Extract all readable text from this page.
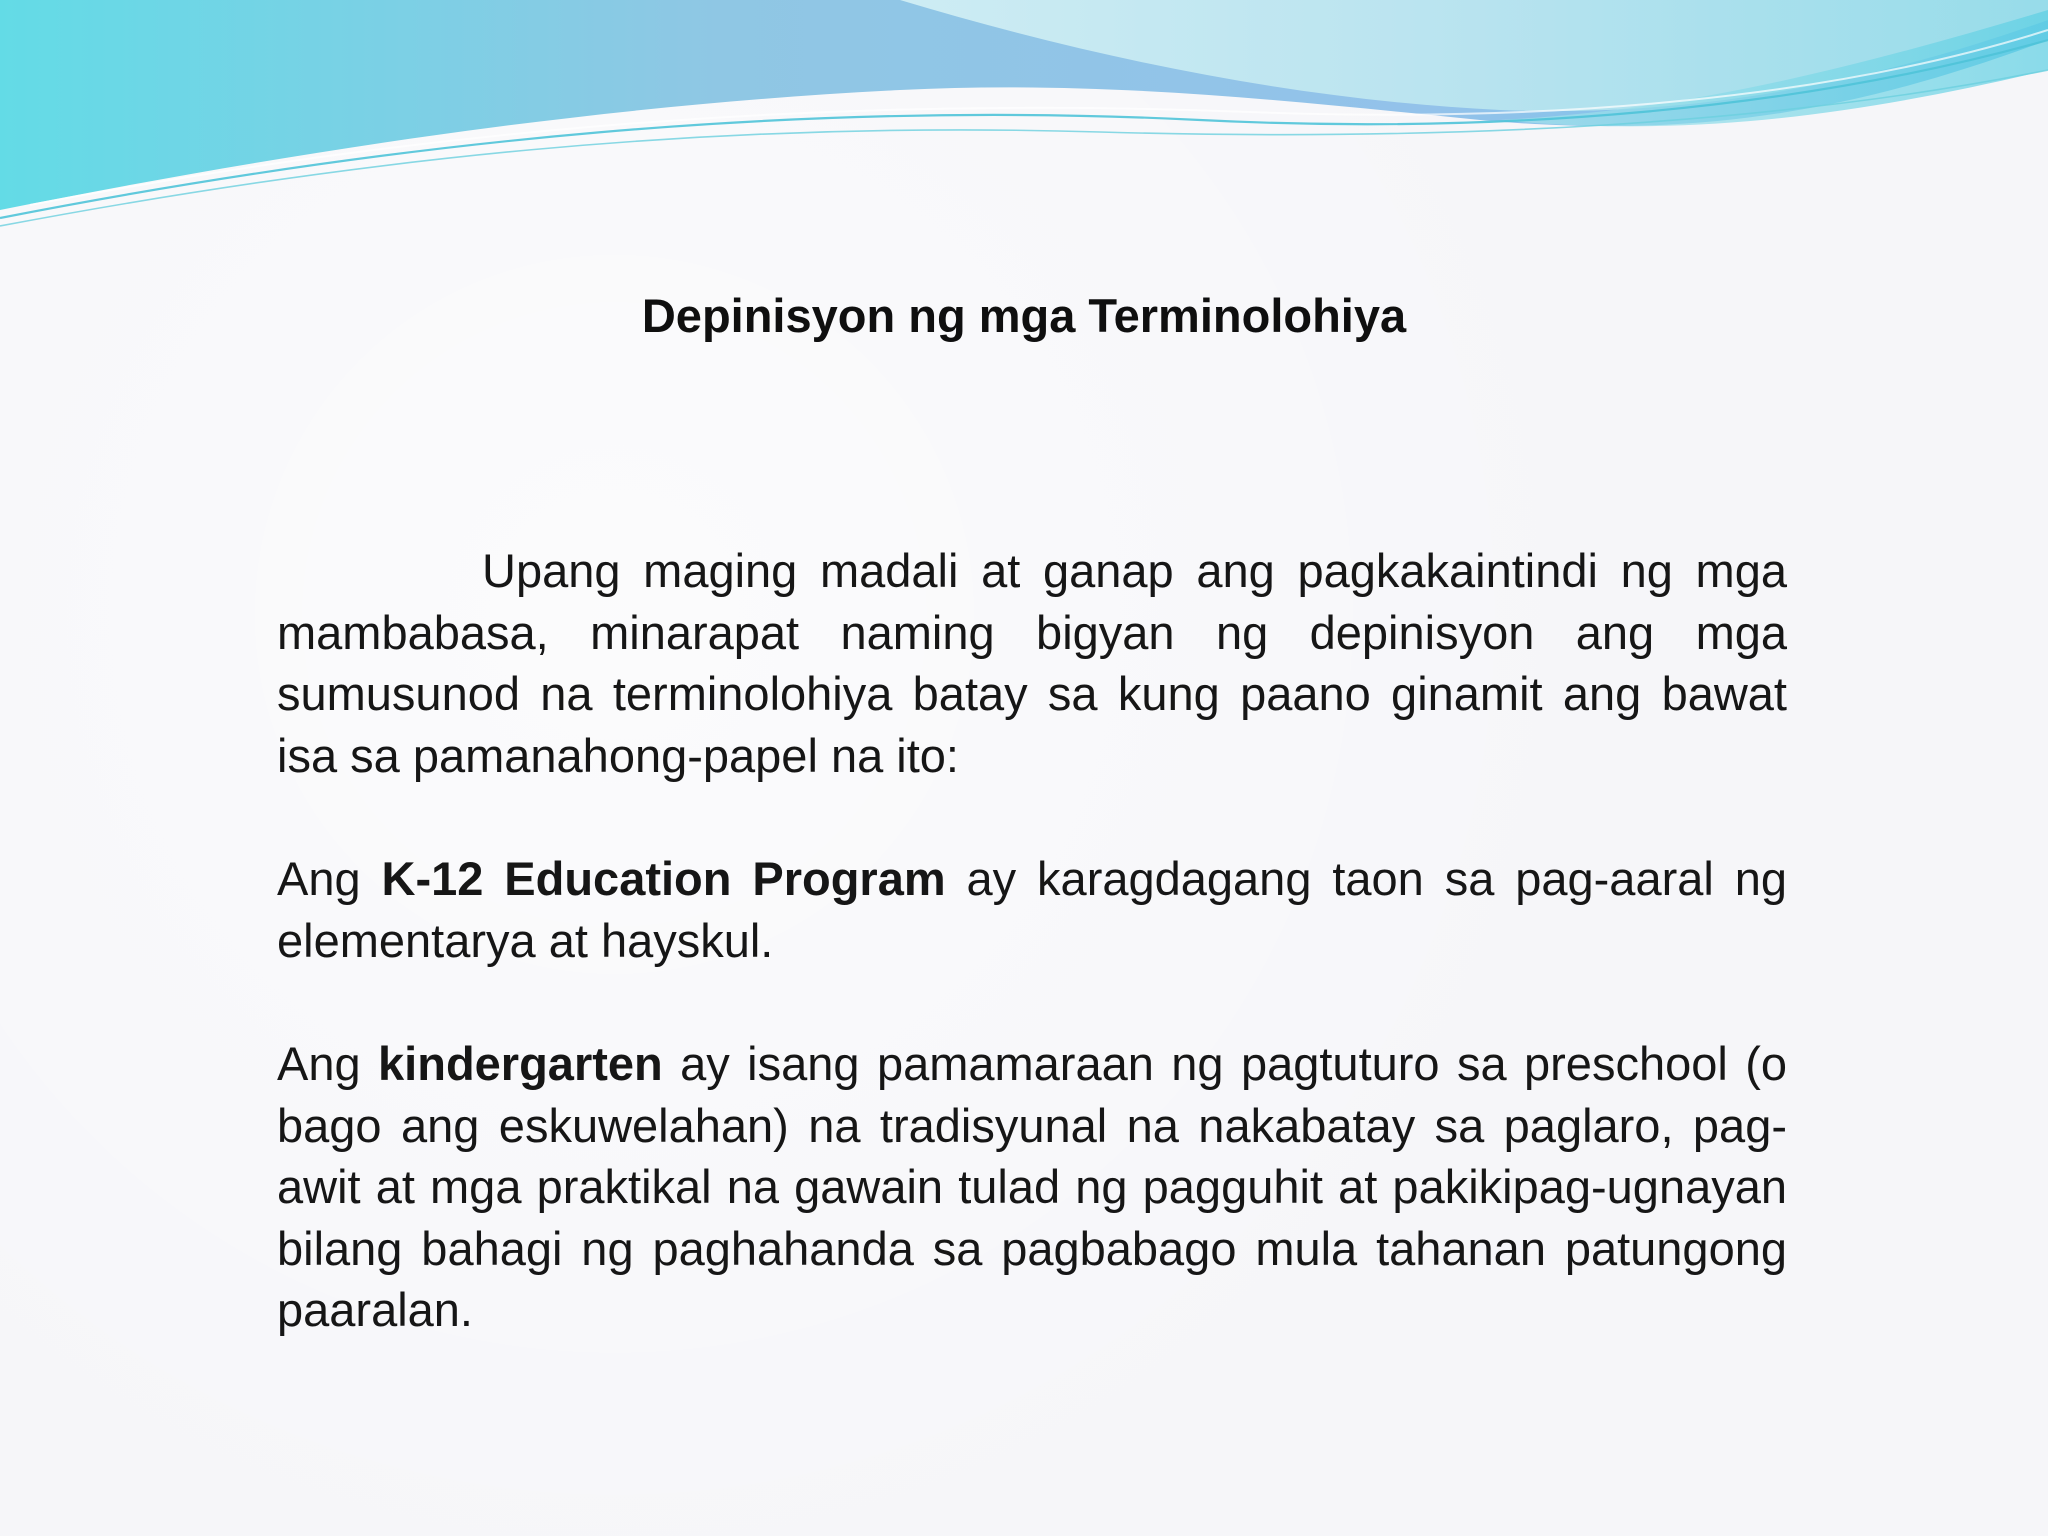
Depinisyon ng mga Terminolohiya

Upang maging madali at ganap ang pagkakaintindi ng mga mambabasa, minarapat naming bigyan ng depinisyon ang mga sumusunod na terminolohiya batay sa kung paano ginamit ang bawat isa sa pamanahong-papel na ito:

Ang K-12 Education Program ay karagdagang taon sa pag-aaral ng elementarya at hayskul.

Ang kindergarten ay isang pamamaraan ng pagtuturo sa preschool (o bago ang eskuwelahan) na tradisyunal na nakabatay sa paglaro, pag-awit at mga praktikal na gawain tulad ng pagguhit at pakikipag-ugnayan bilang bahagi ng paghahanda sa pagbabago mula tahanan patungong paaralan.
